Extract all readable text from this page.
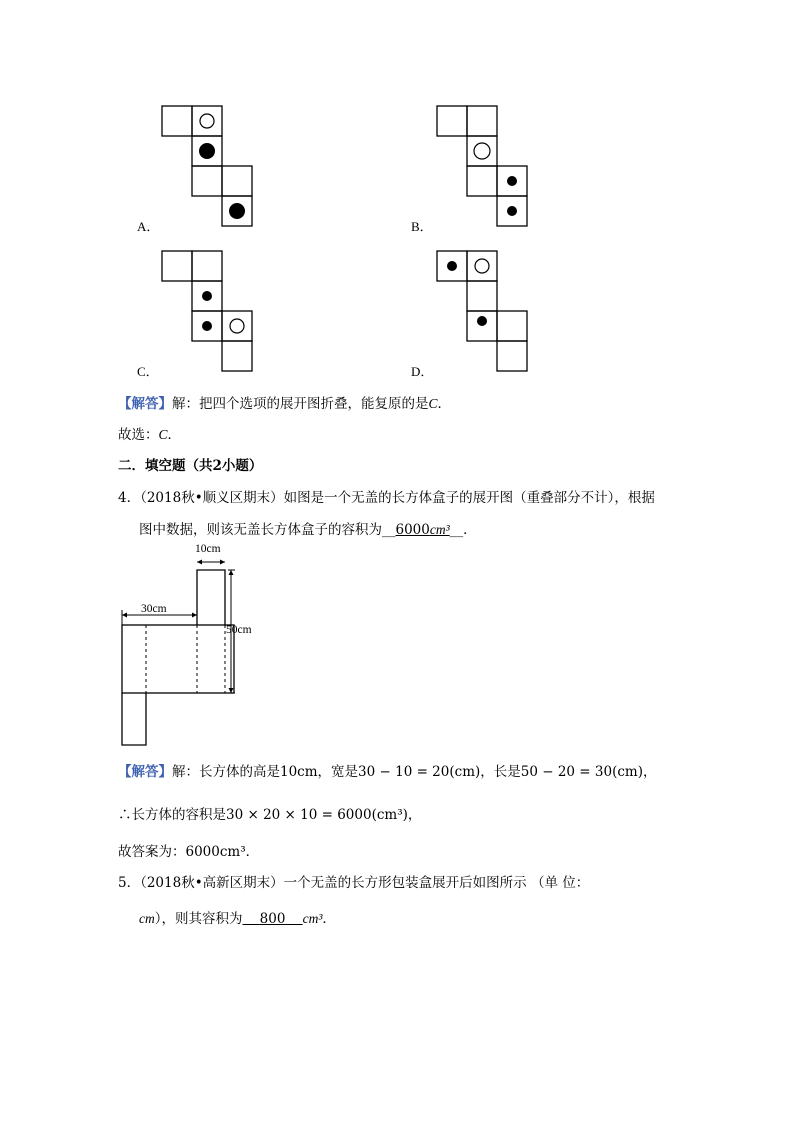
A．	B．
C．	D．
【解答】解：把四个选项的展开图折叠，能复原的是C．
故选：C．
二．填空题（共2小题）
4．（2018秋•顺义区期末）如图是一个无盖的长方体盒子的展开图（重叠部分不计），根据
图中数据，则该无盖长方体盒子的容积为__6000cm³__．
10cm
30cm
50cm
【解答】解：长方体的高是10cm，宽是30 − 10 = 20(cm)，长是50 − 20 = 30(cm)，
∴长方体的容积是30 × 20 × 10 = 6000(cm³)，
故答案为：6000cm³．
5．（2018秋•高新区期末）一个无盖的长方形包装盒展开后如图所示 （单 位：
cm），则其容积为 800 cm³．
